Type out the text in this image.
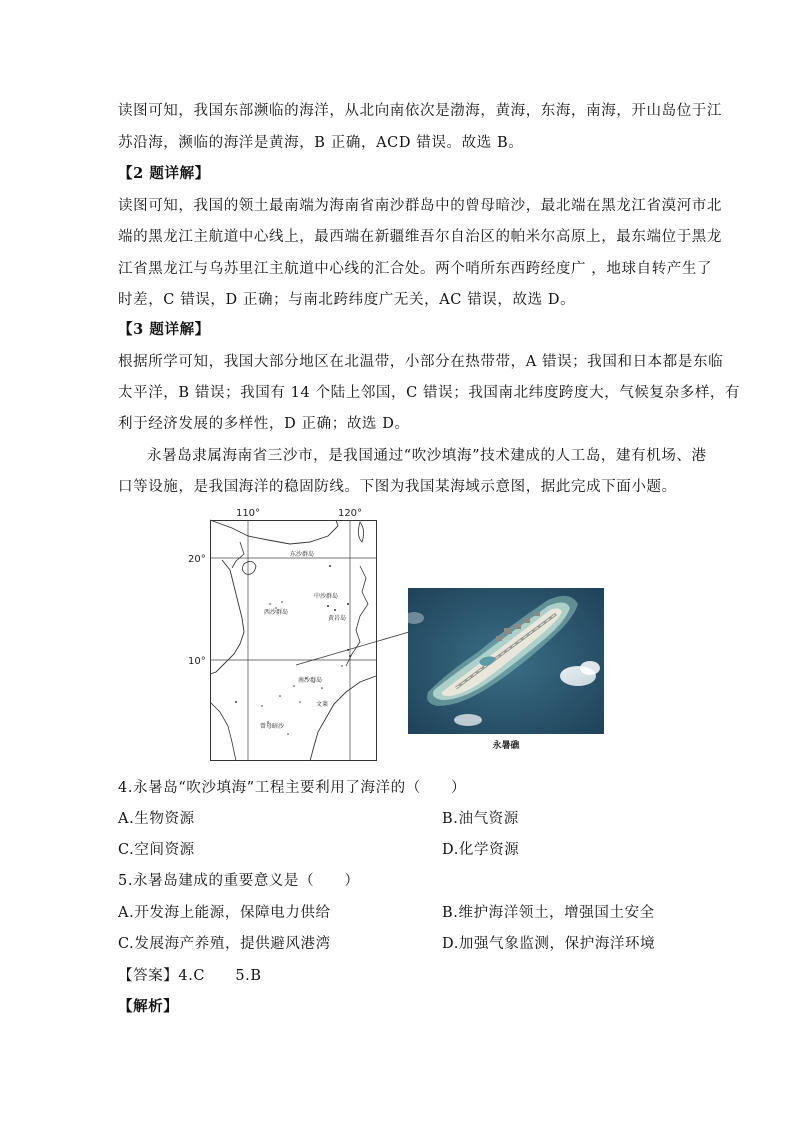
读图可知，我国东部濒临的海洋，从北向南依次是渤海，黄海，东海，南海，开山岛位于江
苏沿海，濒临的海洋是黄海，B 正确，ACD 错误。故选 B。
【2 题详解】
读图可知，我国的领土最南端为海南省南沙群岛中的曾母暗沙，最北端在黑龙江省漠河市北
端的黑龙江主航道中心线上，最西端在新疆维吾尔自治区的帕米尔高原上，最东端位于黑龙
江省黑龙江与乌苏里江主航道中心线的汇合处。两个哨所东西跨经度广 ，地球自转产生了
时差，C 错误，D 正确；与南北跨纬度广无关，AC 错误，故选 D。
【3 题详解】
根据所学可知，我国大部分地区在北温带，小部分在热带带，A 错误；我国和日本都是东临
太平洋，B 错误；我国有 14 个陆上邻国，C 错误；我国南北纬度跨度大，气候复杂多样，有
利于经济发展的多样性，D 正确；故选 D。
永暑岛隶属海南省三沙市，是我国通过“吹沙填海”技术建成的人工岛，建有机场、港
口等设施，是我国海洋的稳固防线。下图为我国某海域示意图，据此完成下面小题。
110°	120°
20°
10°
东沙群岛
中沙群岛
西沙群岛
黄岩岛
南沙群岛
文莱
曾母暗沙
永暑礁
4.永暑岛“吹沙填海”工程主要利用了海洋的（　　）
A.生物资源	B.油气资源
C.空间资源	D.化学资源
5.永暑岛建成的重要意义是（　　）
A.开发海上能源，保障电力供给	B.维护海洋领土，增强国土安全
C.发展海产养殖，提供避风港湾	D.加强气象监测，保护海洋环境
【答案】4.C　　5.B
【解析】
